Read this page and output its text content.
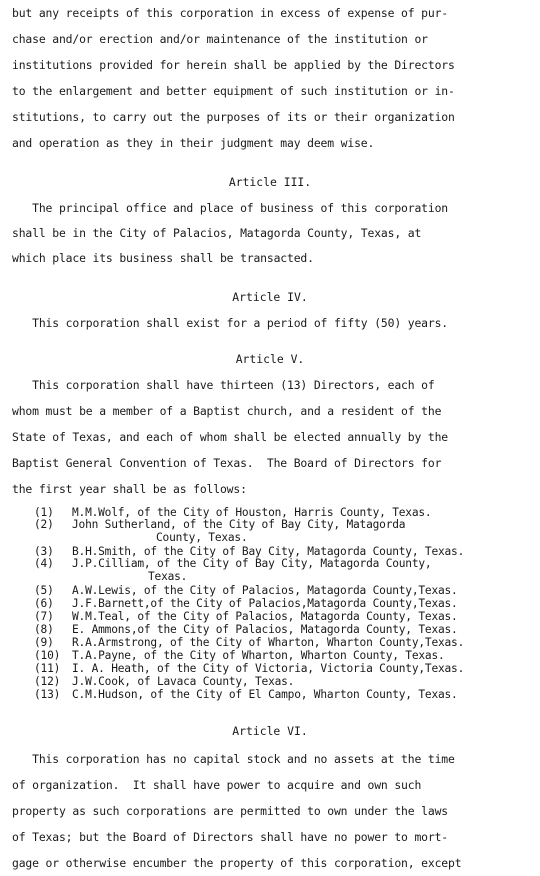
but any receipts of this corporation in excess of expense of pur-
chase and/or erection and/or maintenance of the institution or
institutions provided for herein shall be applied by the Directors
to the enlargement and better equipment of such institution or in-
stitutions, to carry out the purposes of its or their organization
and operation as they in their judgment may deem wise.
Article III.
The principal office and place of business of this corporation
shall be in the City of Palacios, Matagorda County, Texas, at
which place its business shall be transacted.
Article IV.
This corporation shall exist for a period of fifty (50) years.
Article V.
This corporation shall have thirteen (13) Directors, each of
whom must be a member of a Baptist church, and a resident of the
State of Texas, and each of whom shall be elected annually by the
Baptist General Convention of Texas.  The Board of Directors for
the first year shall be as follows:
(1) M.M.Wolf, of the City of Houston, Harris County, Texas.
(2) John Sutherland, of the City of Bay City, Matagorda
County, Texas.
(3) B.H.Smith, of the City of Bay City, Matagorda County, Texas.
(4) J.P.Cilliam, of the City of Bay City, Matagorda County,
Texas.
(5) A.W.Lewis, of the City of Palacios, Matagorda County,Texas.
(6) J.F.Barnett,of the City of Palacios,Matagorda County,Texas.
(7) W.M.Teal, of the City of Palacios, Matagorda County, Texas.
(8) E. Ammons,of the City of Palacios, Matagorda County, Texas.
(9) R.A.Armstrong, of the City of Wharton, Wharton County,Texas.
(10) T.A.Payne, of the City of Wharton, Wharton County, Texas.
(11) I. A. Heath, of the City of Victoria, Victoria County,Texas.
(12) J.W.Cook, of Lavaca County, Texas.
(13) C.M.Hudson, of the City of El Campo, Wharton County, Texas.
Article VI.
This corporation has no capital stock and no assets at the time
of organization.  It shall have power to acquire and own such
property as such corporations are permitted to own under the laws
of Texas; but the Board of Directors shall have no power to mort-
gage or otherwise encumber the property of this corporation, except
